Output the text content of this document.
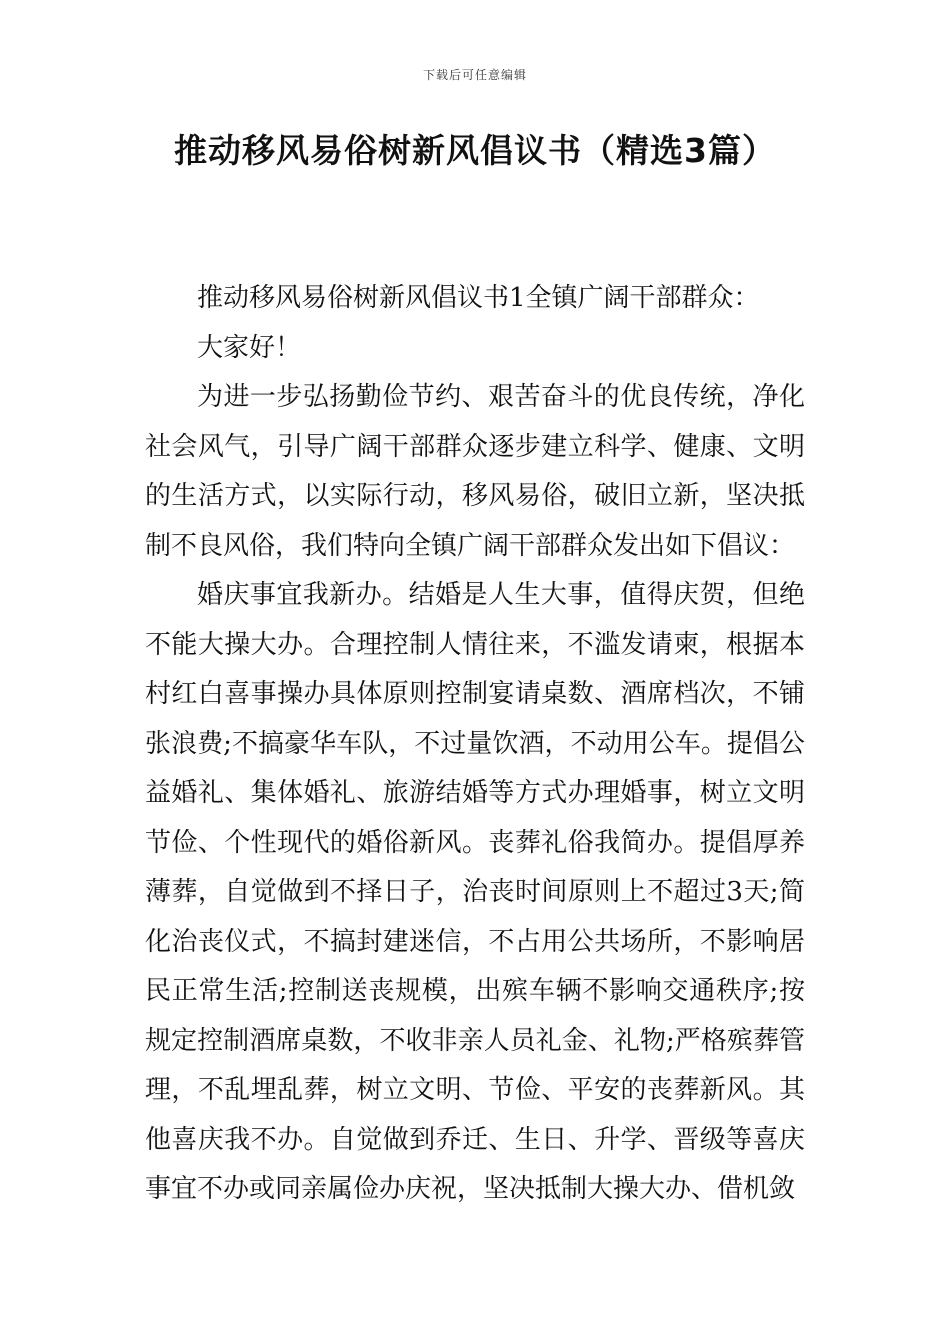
下载后可任意编辑
推动移风易俗树新风倡议书（精选3篇）

推动移风易俗树新风倡议书1全镇广阔干部群众：

大家好！

为进一步弘扬勤俭节约、艰苦奋斗的优良传统，净化社会风气，引导广阔干部群众逐步建立科学、健康、文明的生活方式，以实际行动，移风易俗，破旧立新，坚决抵制不良风俗，我们特向全镇广阔干部群众发出如下倡议：

婚庆事宜我新办。结婚是人生大事，值得庆贺，但绝不能大操大办。合理控制人情往来，不滥发请柬，根据本村红白喜事操办具体原则控制宴请桌数、酒席档次，不铺张浪费;不搞豪华车队，不过量饮酒，不动用公车。提倡公益婚礼、集体婚礼、旅游结婚等方式办理婚事，树立文明节俭、个性现代的婚俗新风。丧葬礼俗我简办。提倡厚养薄葬，自觉做到不择日子，治丧时间原则上不超过3天;简化治丧仪式，不搞封建迷信，不占用公共场所，不影响居民正常生活;控制送丧规模，出殡车辆不影响交通秩序;按规定控制酒席桌数，不收非亲人员礼金、礼物;严格殡葬管理，不乱埋乱葬，树立文明、节俭、平安的丧葬新风。其他喜庆我不办。自觉做到乔迁、生日、升学、晋级等喜庆事宜不办或同亲属俭办庆祝，坚决抵制大操大办、借机敛
